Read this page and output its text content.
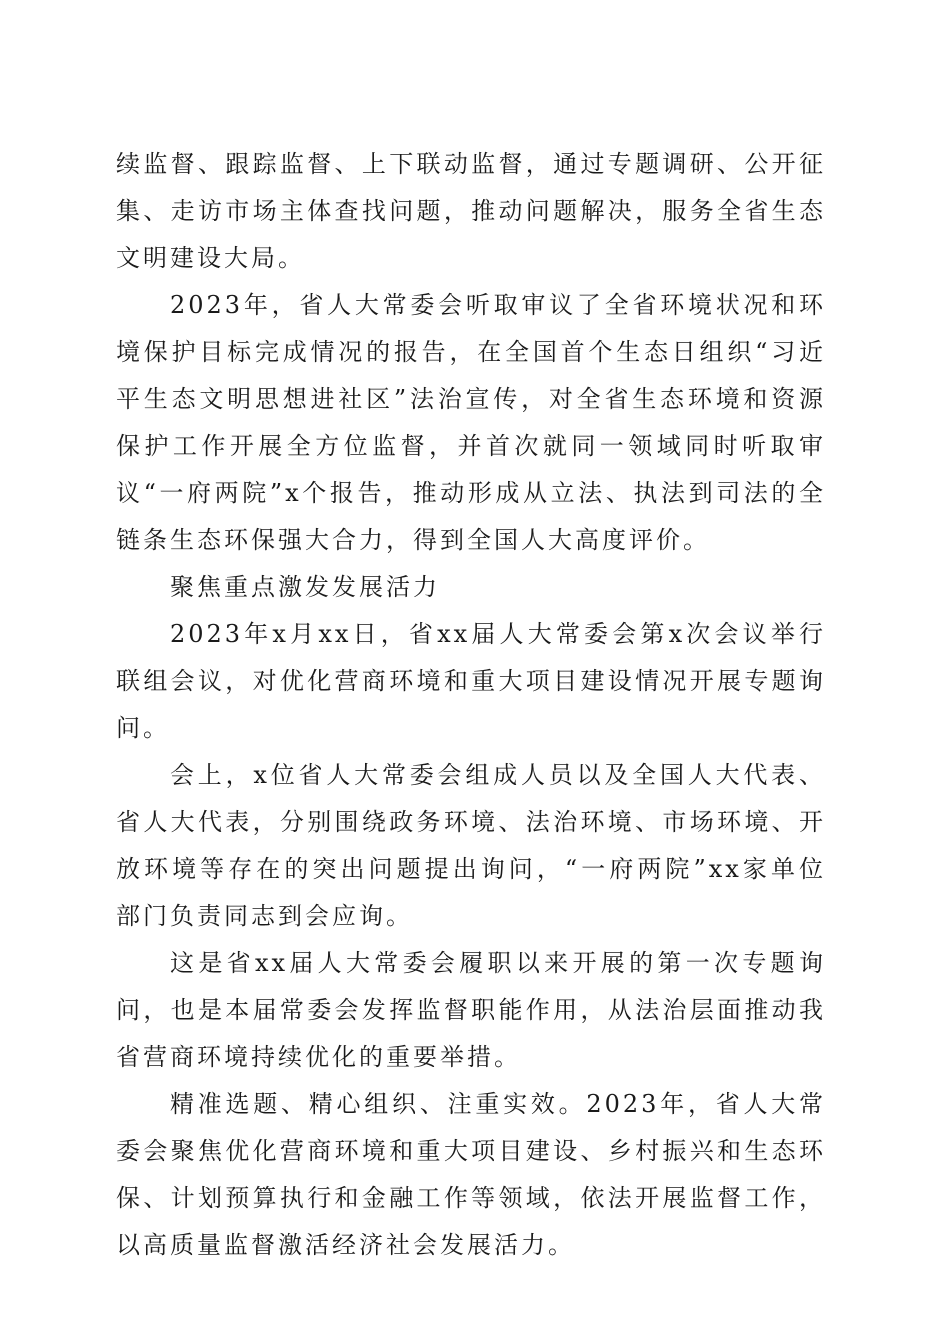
续监督、跟踪监督、上下联动监督，通过专题调研、公开征集、走访市场主体查找问题，推动问题解决，服务全省生态文明建设大局。

2023年，省人大常委会听取审议了全省环境状况和环境保护目标完成情况的报告，在全国首个生态日组织“习近平生态文明思想进社区”法治宣传，对全省生态环境和资源保护工作开展全方位监督，并首次就同一领域同时听取审议“一府两院”x个报告，推动形成从立法、执法到司法的全链条生态环保强大合力，得到全国人大高度评价。

聚焦重点激发发展活力

2023年x月xx日，省xx届人大常委会第x次会议举行联组会议，对优化营商环境和重大项目建设情况开展专题询问。

会上，x位省人大常委会组成人员以及全国人大代表、省人大代表，分别围绕政务环境、法治环境、市场环境、开放环境等存在的突出问题提出询问，“一府两院”xx家单位部门负责同志到会应询。

这是省xx届人大常委会履职以来开展的第一次专题询问，也是本届常委会发挥监督职能作用，从法治层面推动我省营商环境持续优化的重要举措。

精准选题、精心组织、注重实效。2023年，省人大常委会聚焦优化营商环境和重大项目建设、乡村振兴和生态环保、计划预算执行和金融工作等领域，依法开展监督工作，以高质量监督激活经济社会发展活力。
